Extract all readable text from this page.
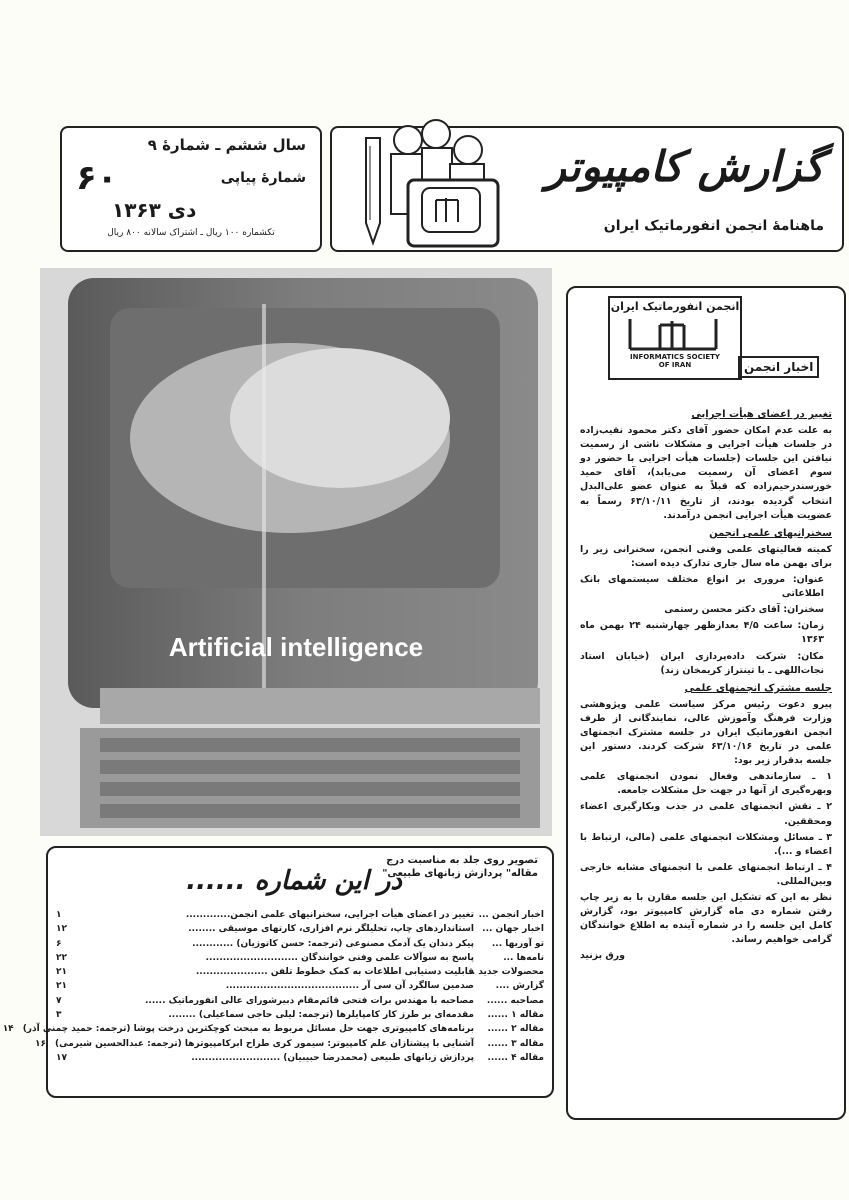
سال ششم ـ شمارهٔ ۹
شمارهٔ پیاپی
۶۰
دی ۱۳۶۳
تکشماره ۱۰۰ ریال ـ اشتراک سالانه ۸۰۰ ریال
گزارش کامپیوتر
ماهنامهٔ انجمن انفورماتیک ایران
Artificial intelligence
تصویر روی جلد به مناسبت درج
مقاله" پردازش زبانهای طبیعی"
در این شماره ......
اخبار انجمن ...
تغییر در اعضای هیأت اجرایی، سخنرانیهای علمی انجمن.............
۱
اخبار جهان ...
استانداردهای چاپ، تحلیلگر نرم افزاری، کارتهای موسیقی ........
۱۲
تو آوریها ...
پیکر دندان یک آدمک مصنوعی (ترجمه: حسن کاتوزیان) ............
۶
نامه‌ها ...
پاسخ به سوآلات علمی وفنی خوانندگان ...........................
۲۲
محصولات جدید ..
قابلیت دستیابی اطلاعات به کمک خطوط تلفن .....................
۲۱
گزارش ....
صدمین سالگرد آن سی آر .......................................
۲۱
مصاحبه ......
مصاحبه با مهندس برات فتحی قائم‌مقام دبیرشورای عالی انفورماتیک ......
۷
مقاله ۱ ......
مقدمه‌ای بر طرز کار کامپایلرها (ترجمه: لیلی حاجی سماعیلی) ........
۳
مقاله ۲ ......
برنامه‌های کامپیوتری جهت حل مسائل مربوط به مبحث کوچکترین درخت پوشا (ترجمه: حمید چمنی آذر)
۱۴
مقاله ۳ ......
آشنایی با پیشتازان علم کامپیوتر: سیمور کری طراح ابرکامپیوترها (ترجمه: عبدالحسین شیرمی)
۱۶
مقاله ۴ ......
پردازش زبانهای طبیعی (محمدرضا حبیبیان) ..........................
۱۷
انجمن انفورماتیک ایران
INFORMATICS SOCIETY
OF IRAN	اخبار انجمن
تغییر در اعضای هیأت اجرایی

به علت عدم امکان حضور آقای دکتر محمود نقیب‌زاده در جلسات هیأت اجرایی و مشکلات ناشی از رسمیت نیافتن این جلسات (جلسات هیأت اجرایی با حضور دو سوم اعضای آن رسمیت می‌یابد)، آقای حمید خورسندرحیم‌زاده که قبلاً به عنوان عضو علی‌البدل انتخاب گردیده بودند، از تاریخ ۶۳/۱۰/۱۱ رسماً به عضویت هیأت اجرایی انجمن درآمدند.

سخنرانیهای علمی انجمن

کمیته فعالیتهای علمی وفنی انجمن، سخنرانی زیر را برای بهمن ماه سال جاری تدارک دیده است:

عنوان: مروری بر انواع مختلف سیستمهای بانک اطلاعاتی

سخنران: آقای دکتر محسن رستمی

زمان: ساعت ۴/۵ بعدازظهر چهارشنبه ۲۴ بهمن ماه ۱۳۶۳

مکان: شرکت داده‌پردازی ایران (خیابان استاد نجات‌اللهی ـ با تینتراز کریمخان زند)

جلسه مشترک انجمنهای علمی

پیرو دعوت رئیس مرکز سیاست علمی وپژوهشی وزارت فرهنگ وآموزش عالی، نمایندگانی از طرف انجمن انفورماتیک ایران در جلسه مشترک انجمنهای علمی در تاریخ ۶۳/۱۰/۱۶ شرکت کردند. دستور این جلسه بدقرار زیر بود:

۱ ـ سازماندهی وفعال نمودن انجمنهای علمی وبهره‌گیری از آنها در جهت حل مشکلات جامعه.

۲ ـ نقش انجمنهای علمی در جذب وبکارگیری اعضاء ومحققین.

۳ ـ مسائل ومشکلات انجمنهای علمی (مالی، ارتباط با اعضاء و ...).

۴ ـ ارتباط انجمنهای علمی با انجمنهای مشابه خارجی وبین‌المللی.

نظر به این که تشکیل این جلسه مقارن با به زیر چاپ رفتن شماره دی ماه گزارش کامپیوتر بود، گزارش کامل این جلسه را در شماره آینده به اطلاع خوانندگان گرامی خواهیم رساند.

ورق بزنید
